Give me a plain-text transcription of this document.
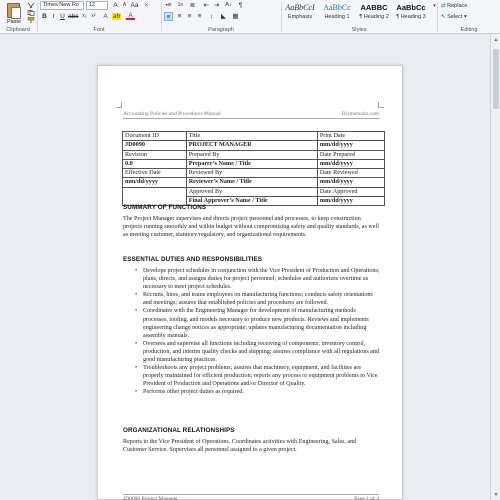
Paste
Clipboard
Times New Ro	12	A	A Aa ⨯
B I U abc x₂ x²	A ab	A
Font
•≡	1≡ ≣ ⇤ ⇥	A↓	¶
≡	≡ ≡ ≡	↕	◣ ▦
Paragraph
AaBbCcI
Emphasis
AaBbCc
Heading 1
AABBC
¶ Heading 2
AaBbCc
¶ Heading 3
▾
Styles
⇄ Replace
↖ Select ▾
Editing
Accounting Policies and Procedures Manual	Bizmanualz.com
Document ID	Title	Print Date
JD0090	PROJECT MANAGER	mm/dd/yyyy
Revision	Prepared By	Date Prepared
0.0	Preparer’s Name / Title	mm/dd/yyyy
Effective Date	Reviewed By	Date Reviewed
mm/dd/yyyy	Reviewer’s Name / Title	mm/dd/yyyy
	Approved By	Date Approved
	Final Approver’s Name / Title	mm/dd/yyyy
SUMMARY OF FUNCTIONS
The Project Manager supervises and directs project personnel and processes, to keep construction projects running smoothly and within budget without compromising safety and quality standards, as well as meeting customer, statutory/regulatory, and organizational requirements.
ESSENTIAL DUTIES AND RESPONSIBILITIES
• Develops project schedules in conjunction with the Vice President of Production and Operations; plans, directs, and assigns duties for project personnel; schedules and authorizes overtime as necessary to meet project schedules.
• Recruits, hires, and trains employees on manufacturing functions; conducts safety orientations and meetings; assures that established policies and procedures are followed.
• Coordinates with the Engineering Manager for development of manufacturing methods processes, tooling, and models necessary to produce new products. Reviews and implements engineering change notices as appropriate; updates manufacturing documentation including assembly manuals.
• Oversees and supervise all functions including receiving of components; inventory control, production, and interim quality checks and shipping; assures compliance with all regulations and good manufacturing practices.
• Troubleshoots any project problems; assures that machinery, equipment, and facilities are properly maintained for efficient production; reports any process or equipment problems to Vice President of Production and Operations and/or Director of Quality.
• Performs other project duties as required.
ORGANIZATIONAL RELATIONSHIPS
Reports to the Vice President of Operations. Coordinates activities with Engineering, Sales, and Customer Service. Supervises all personnel assigned to a given project.
JD0090 Project Manager	Page 1 of 4
▲
▼
